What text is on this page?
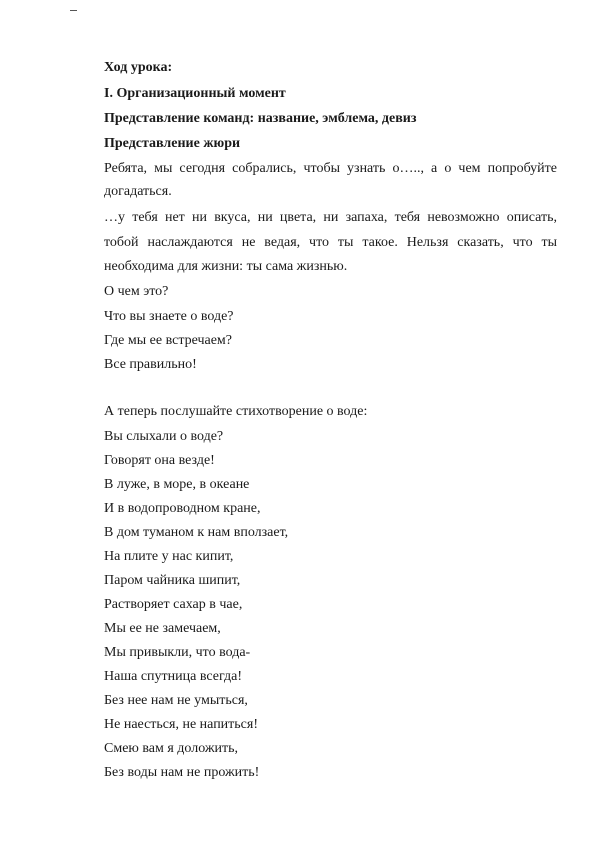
Ход урока:
I. Организационный момент
Представление команд: название, эмблема, девиз
Представление жюри
Ребята, мы сегодня собрались, чтобы узнать о….., а о чем попробуйте
догадаться.
…у тебя нет ни вкуса, ни цвета, ни запаха, тебя невозможно описать,
тобой наслаждаются не ведая, что ты такое. Нельзя сказать, что ты
необходима для жизни: ты сама жизнью.
О чем это?
Что вы знаете о воде?
Где мы ее встречаем?
Все правильно!
А теперь послушайте стихотворение о воде:
Вы слыхали о воде?
Говорят она везде!
В луже, в море, в океане
И в водопроводном кране,
В дом туманом к нам вползает,
На плите у нас кипит,
Паром чайника шипит,
Растворяет сахар в чае,
Мы ее не замечаем,
Мы привыкли, что вода-
Наша спутница всегда!
Без нее нам не умыться,
Не наесться, не напиться!
Смею вам я доложить,
Без воды нам не прожить!
